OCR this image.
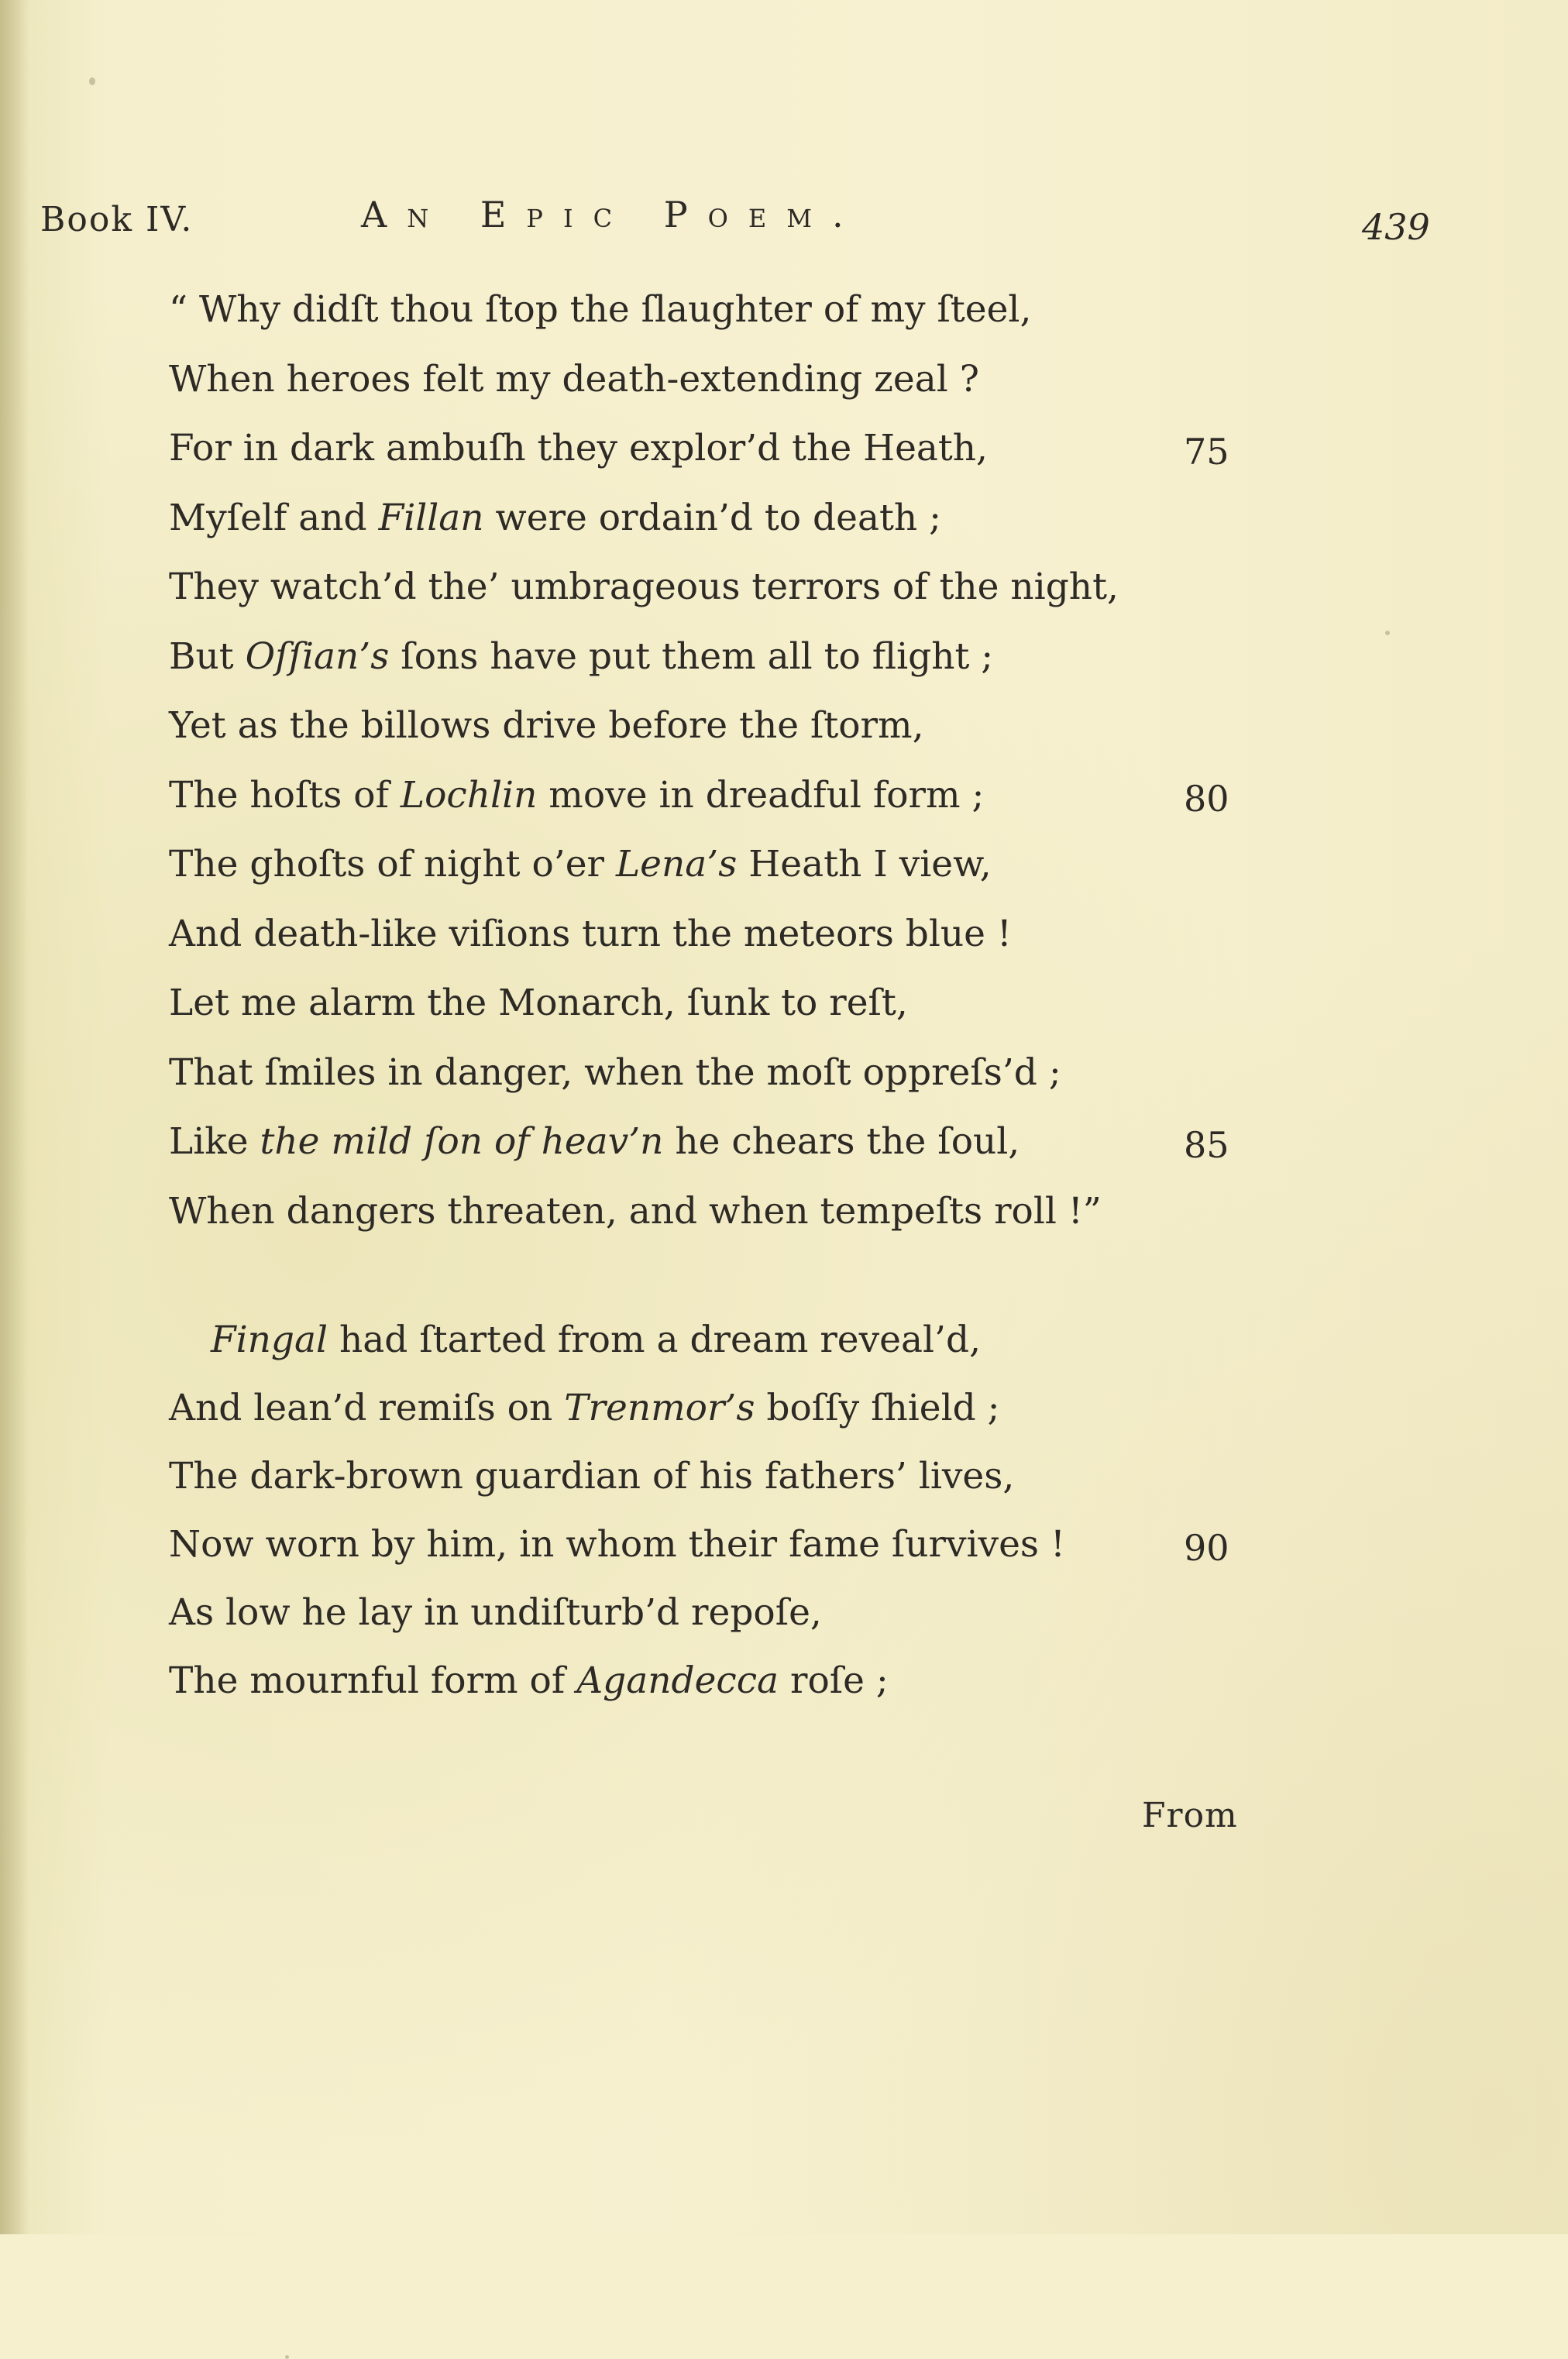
Book IV.	An Epic Poem.	439
“ Why didſt thou ſtop the ſlaughter of my ſteel,
When heroes felt my death-extending zeal ?
For in dark ambuſh they explor’d the Heath,	75
Myſelf and Fillan were ordain’d to death ;
They watch’d the’ umbrageous terrors of the night,
But Oſſian’s ſons have put them all to flight ;
Yet as the billows drive before the ſtorm,
The hoſts of Lochlin move in dreadful form ;	80
The ghoſts of night o’er Lena’s Heath I view,
And death-like viſions turn the meteors blue !
Let me alarm the Monarch, ſunk to reſt,
That ſmiles in danger, when the moſt oppreſs’d ;
Like the mild ſon of heav’n he chears the ſoul,	85
When dangers threaten, and when tempeſts roll !”
Fingal had ſtarted from a dream reveal’d,
And lean’d remiſs on Trenmor’s boſſy ſhield ;
The dark-brown guardian of his fathers’ lives,
Now worn by him, in whom their fame ſurvives !	90
As low he lay in undiſturb’d repoſe,
The mournful form of Agandecca roſe ;
From
